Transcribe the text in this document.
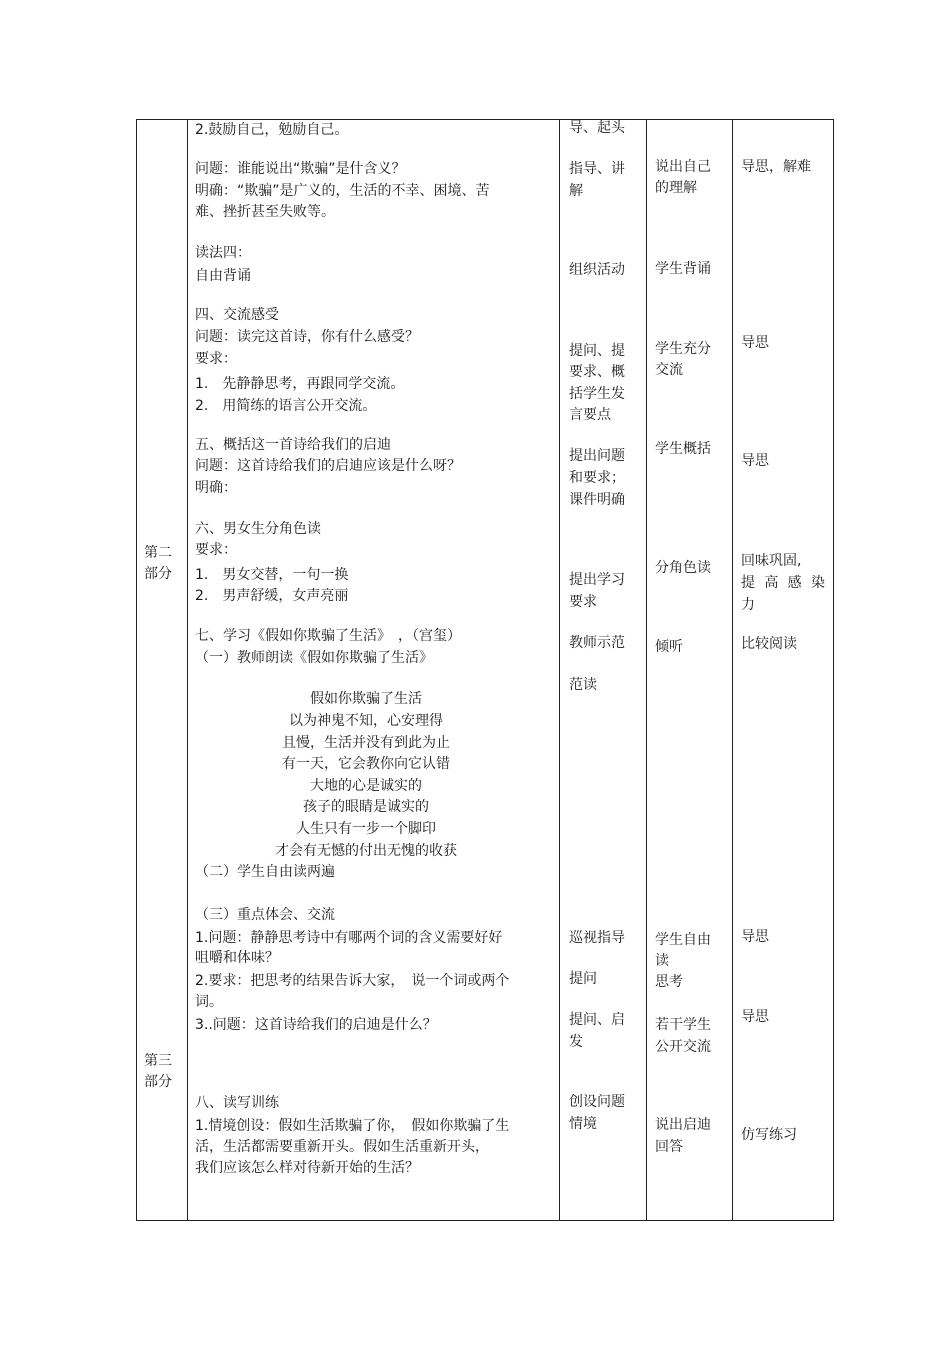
第二
部分
第三
部分
2.鼓励自己，勉励自己。
问题：谁能说出“欺骗”是什含义？
明确：“欺骗”是广义的，生活的不幸、困境、苦
难、挫折甚至失败等。
读法四：
自由背诵
四、交流感受
问题：读完这首诗，你有什么感受？
要求：
1.　先静静思考，再跟同学交流。
2.　用简练的语言公开交流。
五、概括这一首诗给我们的启迪
问题：这首诗给我们的启迪应该是什么呀？
明确：
六、男女生分角色读
要求：
1.　男女交替，一句一换
2.　男声舒缓，女声亮丽
七、学习《假如你欺骗了生活》　，（宫玺）
（一）教师朗读《假如你欺骗了生活》
假如你欺骗了生活
以为神鬼不知，心安理得
且慢，生活并没有到此为止
有一天，它会教你向它认错
大地的心是诚实的
孩子的眼睛是诚实的
人生只有一步一个脚印
才会有无憾的付出无愧的收获
（二）学生自由读两遍
（三）重点体会、交流
1.问题：静静思考诗中有哪两个词的含义需要好好
咀嚼和体味？
2.要求：把思考的结果告诉大家，　说一个词或两个
词。
3..问题：这首诗给我们的启迪是什么？
八、读写训练
1.情境创设：假如生活欺骗了你，　假如你欺骗了生
活，生活都需要重新开头。假如生活重新开头，
我们应该怎么样对待新开始的生活？
导、起头
指导、讲
解
组织活动
提问、提
要求、概
括学生发
言要点
提出问题
和要求；
课件明确
提出学习
要求
教师示范
范读
巡视指导
提问
提问、启
发
创设问题
情境
说出自己
的理解
学生背诵
学生充分
交流
学生概括
分角色读
倾听
学生自由
读
思考
若干学生
公开交流
说出启迪
回答
导思，解难
导思
导思
回味巩固,
提高感染
力
比较阅读
导思
导思
仿写练习
